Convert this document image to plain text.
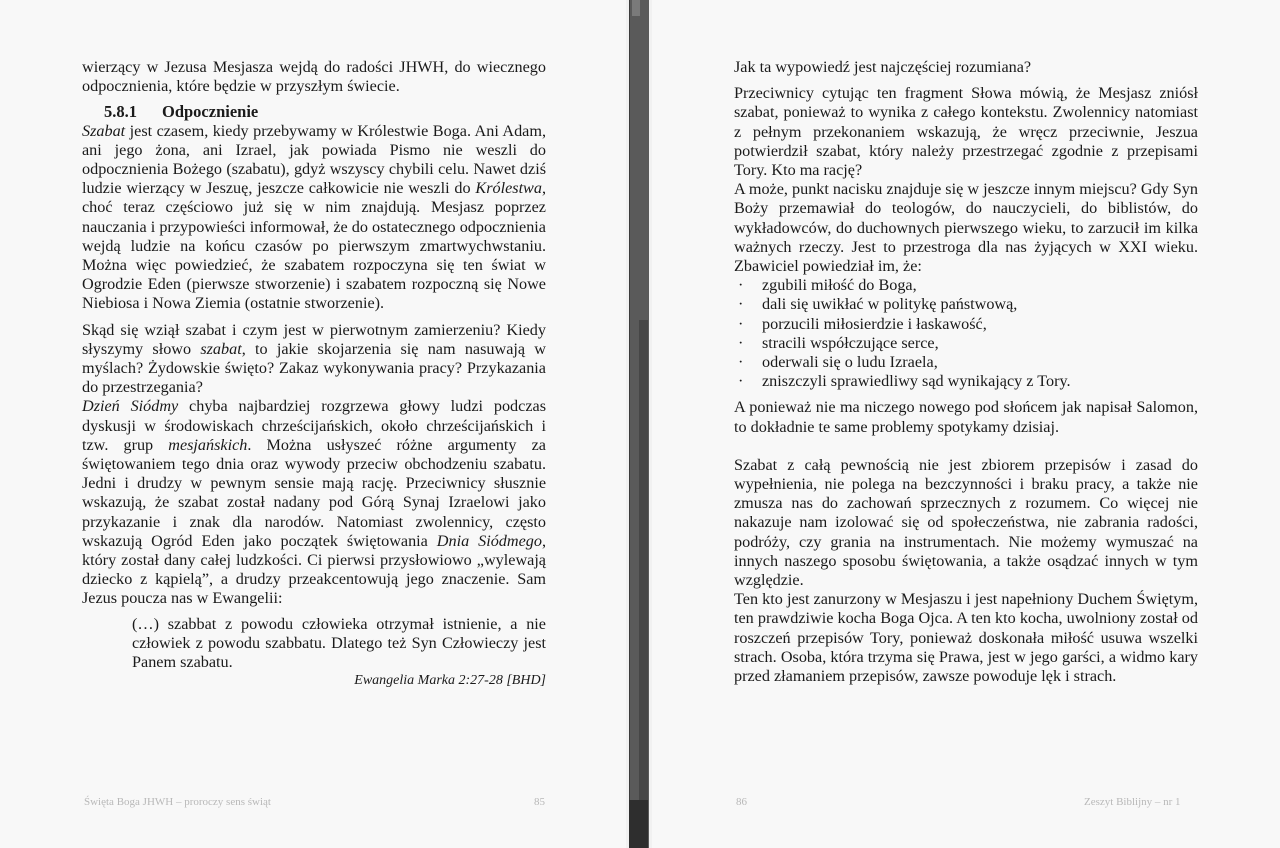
wierzący w Jezusa Mesjasza wejdą do radości JHWH, do wiecznego odpocznienia, które będzie w przyszłym świecie.

5.8.1 Odpocznienie

Szabat jest czasem, kiedy przebywamy w Królestwie Boga. Ani Adam, ani jego żona, ani Izrael, jak powiada Pismo nie weszli do odpocznienia Bożego (szabatu), gdyż wszyscy chybili celu. Nawet dziś ludzie wierzący w Jeszuę, jeszcze całkowicie nie weszli do Królestwa, choć teraz częściowo już się w nim znajdują. Mesjasz poprzez nauczania i przypowieści informował, że do ostatecznego odpocznienia wejdą ludzie na końcu czasów po pierwszym zmartwychwstaniu. Można więc powiedzieć, że szabatem rozpoczyna się ten świat w Ogrodzie Eden (pierwsze stworzenie) i szabatem rozpoczną się Nowe Niebiosa i Nowa Ziemia (ostatnie stworzenie).

Skąd się wziął szabat i czym jest w pierwotnym zamierzeniu? Kiedy słyszymy słowo szabat, to jakie skojarzenia się nam nasuwają w myślach? Żydowskie święto? Zakaz wykonywania pracy? Przykazania do przestrzegania?

Dzień Siódmy chyba najbardziej rozgrzewa głowy ludzi podczas dyskusji w środowiskach chrześcijańskich, około chrześcijańskich i tzw. grup mesjańskich. Można usłyszeć różne argumenty za świętowaniem tego dnia oraz wywody przeciw obchodzeniu szabatu. Jedni i drudzy w pewnym sensie mają rację. Przeciwnicy słusznie wskazują, że szabat został nadany pod Górą Synaj Izraelowi jako przykazanie i znak dla narodów. Natomiast zwolennicy, często wskazują Ogród Eden jako początek świętowania Dnia Siódmego, który został dany całej ludzkości. Ci pierwsi przysłowiowo „wylewają dziecko z kąpielą”, a drudzy przeakcentowują jego znaczenie. Sam Jezus poucza nas w Ewangelii:

(…) szabbat z powodu człowieka otrzymał istnienie, a nie człowiek z powodu szabbatu. Dlatego też Syn Człowieczy jest Panem szabatu.

Ewangelia Marka 2:27-28 [BHD]

Święta Boga JHWH – proroczy sens świąt	85

Jak ta wypowiedź jest najczęściej rozumiana?

Przeciwnicy cytując ten fragment Słowa mówią, że Mesjasz zniósł szabat, ponieważ to wynika z całego kontekstu. Zwolennicy natomiast z pełnym przekonaniem wskazują, że wręcz przeciwnie, Jeszua potwierdził szabat, który należy przestrzegać zgodnie z przepisami Tory. Kto ma rację?

A może, punkt nacisku znajduje się w jeszcze innym miejscu? Gdy Syn Boży przemawiał do teologów, do nauczycieli, do biblistów, do wykładowców, do duchownych pierwszego wieku, to zarzucił im kilka ważnych rzeczy. Jest to przestroga dla nas żyjących w XXI wieku. Zbawiciel powiedział im, że:

· zgubili miłość do Boga,
· dali się uwikłać w politykę państwową,
· porzucili miłosierdzie i łaskawość,
· stracili współczujące serce,
· oderwali się o ludu Izraela,
· zniszczyli sprawiedliwy sąd wynikający z Tory.

A ponieważ nie ma niczego nowego pod słońcem jak napisał Salomon, to dokładnie te same problemy spotykamy dzisiaj.

Szabat z całą pewnością nie jest zbiorem przepisów i zasad do wypełnienia, nie polega na bezczynności i braku pracy, a także nie zmusza nas do zachowań sprzecznych z rozumem. Co więcej nie nakazuje nam izolować się od społeczeństwa, nie zabrania radości, podróży, czy grania na instrumentach. Nie możemy wymuszać na innych naszego sposobu świętowania, a także osądzać innych w tym względzie.

Ten kto jest zanurzony w Mesjaszu i jest napełniony Duchem Świętym, ten prawdziwie kocha Boga Ojca. A ten kto kocha, uwolniony został od roszczeń przepisów Tory, ponieważ doskonała miłość usuwa wszelki strach. Osoba, która trzyma się Prawa, jest w jego garści, a widmo kary przed złamaniem przepisów, zawsze powoduje lęk i strach.

86	Zeszyt Biblijny – nr 1
